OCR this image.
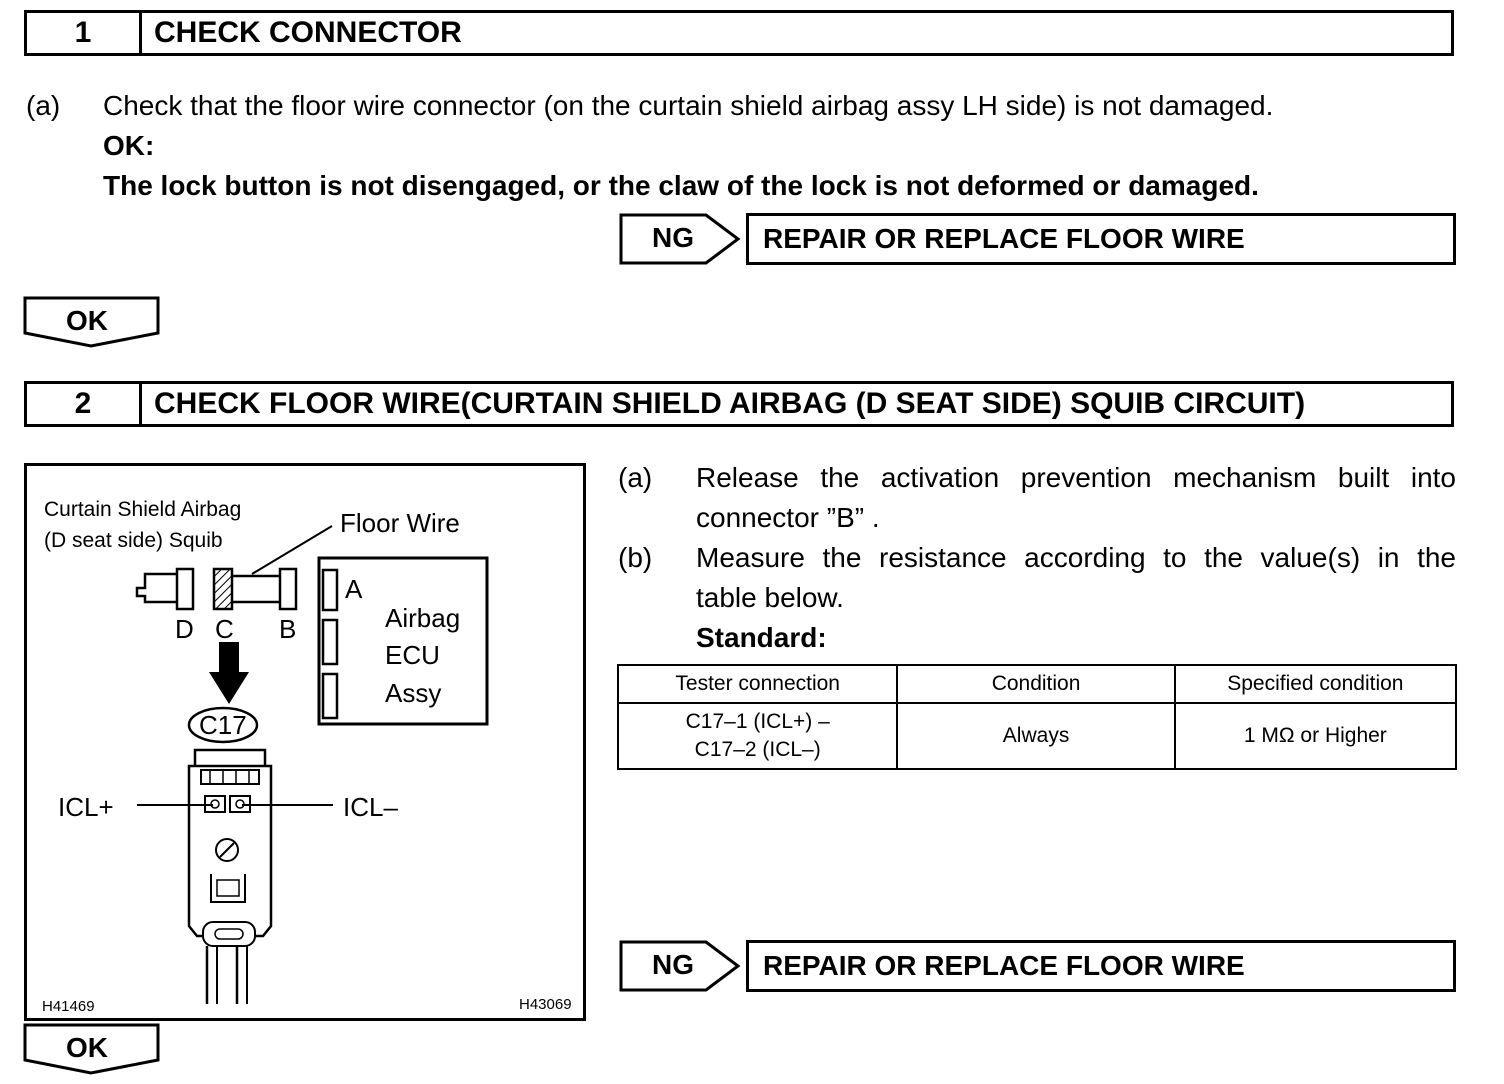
1	CHECK CONNECTOR
(a) Check that the floor wire connector (on the curtain shield airbag assy LH side) is not damaged.
OK:
The lock button is not disengaged, or the claw of the lock is not deformed or damaged.
NG	REPAIR OR REPLACE FLOOR WIRE
OK
2	CHECK FLOOR WIRE(CURTAIN SHIELD AIRBAG (D SEAT SIDE) SQUIB CIRCUIT)
Curtain Shield Airbag
(D seat side) Squib
Floor Wire
D C B
A
Airbag
ECU
Assy
C17
ICL+	ICL–
H41469	H43069
(a) Release the activation prevention mechanism built into
connector ”B” .
(b) Measure the resistance according to the value(s) in the
table below.
Standard:
Tester connection	Condition	Specified condition

C17–1 (ICL+) –
C17–2 (ICL–)	Always	1 MΩ or Higher
NG	REPAIR OR REPLACE FLOOR WIRE
OK
